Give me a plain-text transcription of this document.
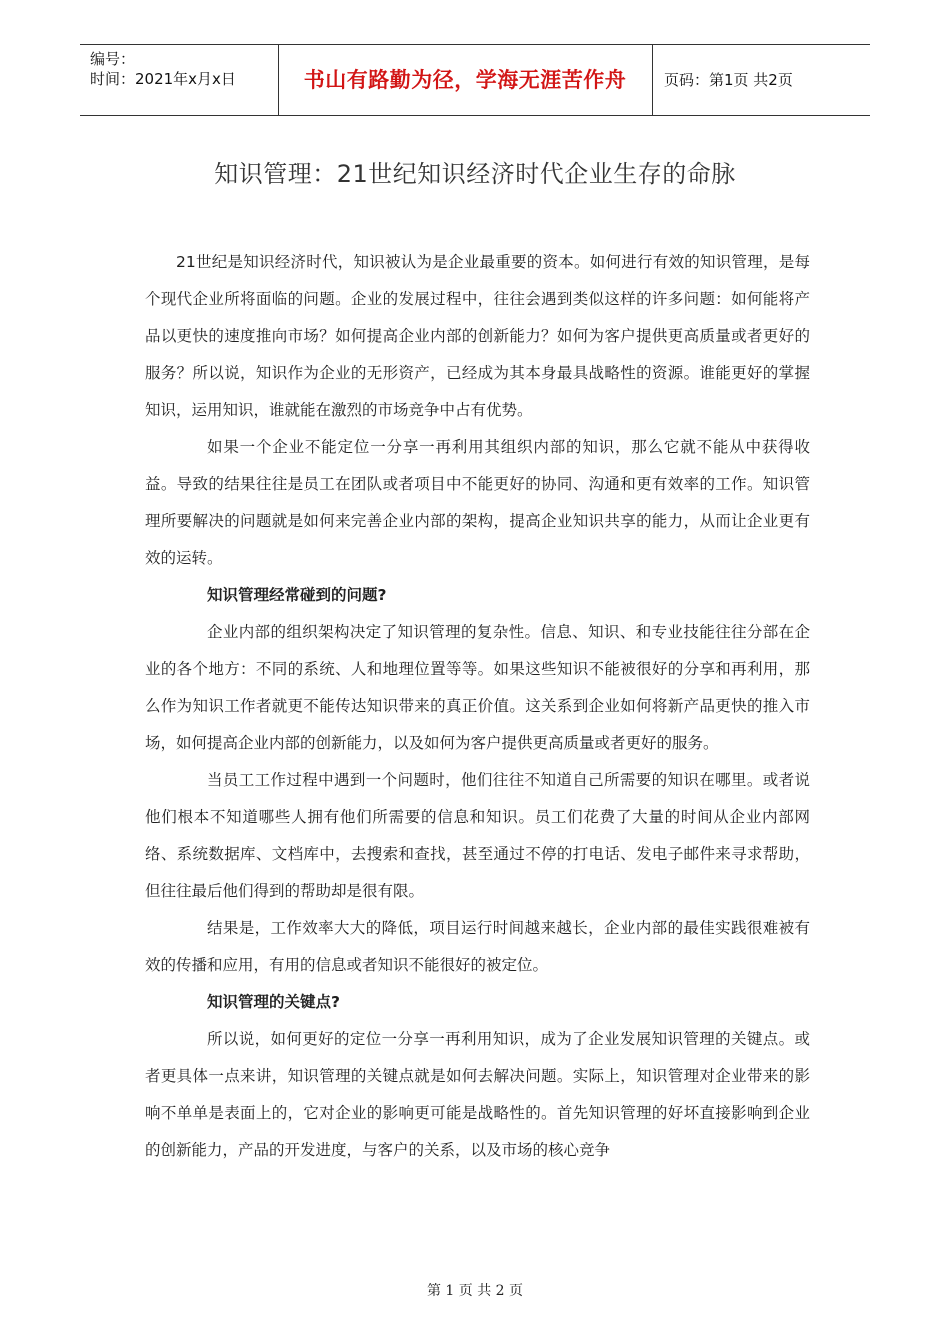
编号：
时间：2021年x月x日	书山有路勤为径，学海无涯苦作舟	页码：第1页 共2页
知识管理：21世纪知识经济时代企业生存的命脉

21世纪是知识经济时代，知识被认为是企业最重要的资本。如何进行有效的知识管理，是每个现代企业所将面临的问题。企业的发展过程中，往往会遇到类似这样的许多问题：如何能将产品以更快的速度推向市场？如何提高企业内部的创新能力？如何为客户提供更高质量或者更好的服务？所以说，知识作为企业的无形资产，已经成为其本身最具战略性的资源。谁能更好的掌握知识，运用知识，谁就能在激烈的市场竞争中占有优势。

如果一个企业不能定位一分享一再利用其组织内部的知识，那么它就不能从中获得收益。导致的结果往往是员工在团队或者项目中不能更好的协同、沟通和更有效率的工作。知识管理所要解决的问题就是如何来完善企业内部的架构，提高企业知识共享的能力，从而让企业更有效的运转。

知识管理经常碰到的问题?

企业内部的组织架构决定了知识管理的复杂性。信息、知识、和专业技能往往分部在企业的各个地方：不同的系统、人和地理位置等等。如果这些知识不能被很好的分享和再利用，那么作为知识工作者就更不能传达知识带来的真正价值。这关系到企业如何将新产品更快的推入市场，如何提高企业内部的创新能力，以及如何为客户提供更高质量或者更好的服务。

当员工工作过程中遇到一个问题时，他们往往不知道自己所需要的知识在哪里。或者说他们根本不知道哪些人拥有他们所需要的信息和知识。员工们花费了大量的时间从企业内部网络、系统数据库、文档库中，去搜索和查找，甚至通过不停的打电话、发电子邮件来寻求帮助，但往往最后他们得到的帮助却是很有限。

结果是，工作效率大大的降低，项目运行时间越来越长，企业内部的最佳实践很难被有效的传播和应用，有用的信息或者知识不能很好的被定位。

知识管理的关键点?

所以说，如何更好的定位一分享一再利用知识，成为了企业发展知识管理的关键点。或者更具体一点来讲，知识管理的关键点就是如何去解决问题。实际上，知识管理对企业带来的影响不单单是表面上的，它对企业的影响更可能是战略性的。首先知识管理的好坏直接影响到企业的创新能力，产品的开发进度，与客户的关系，以及市场的核心竞争

第 1 页 共 2 页
